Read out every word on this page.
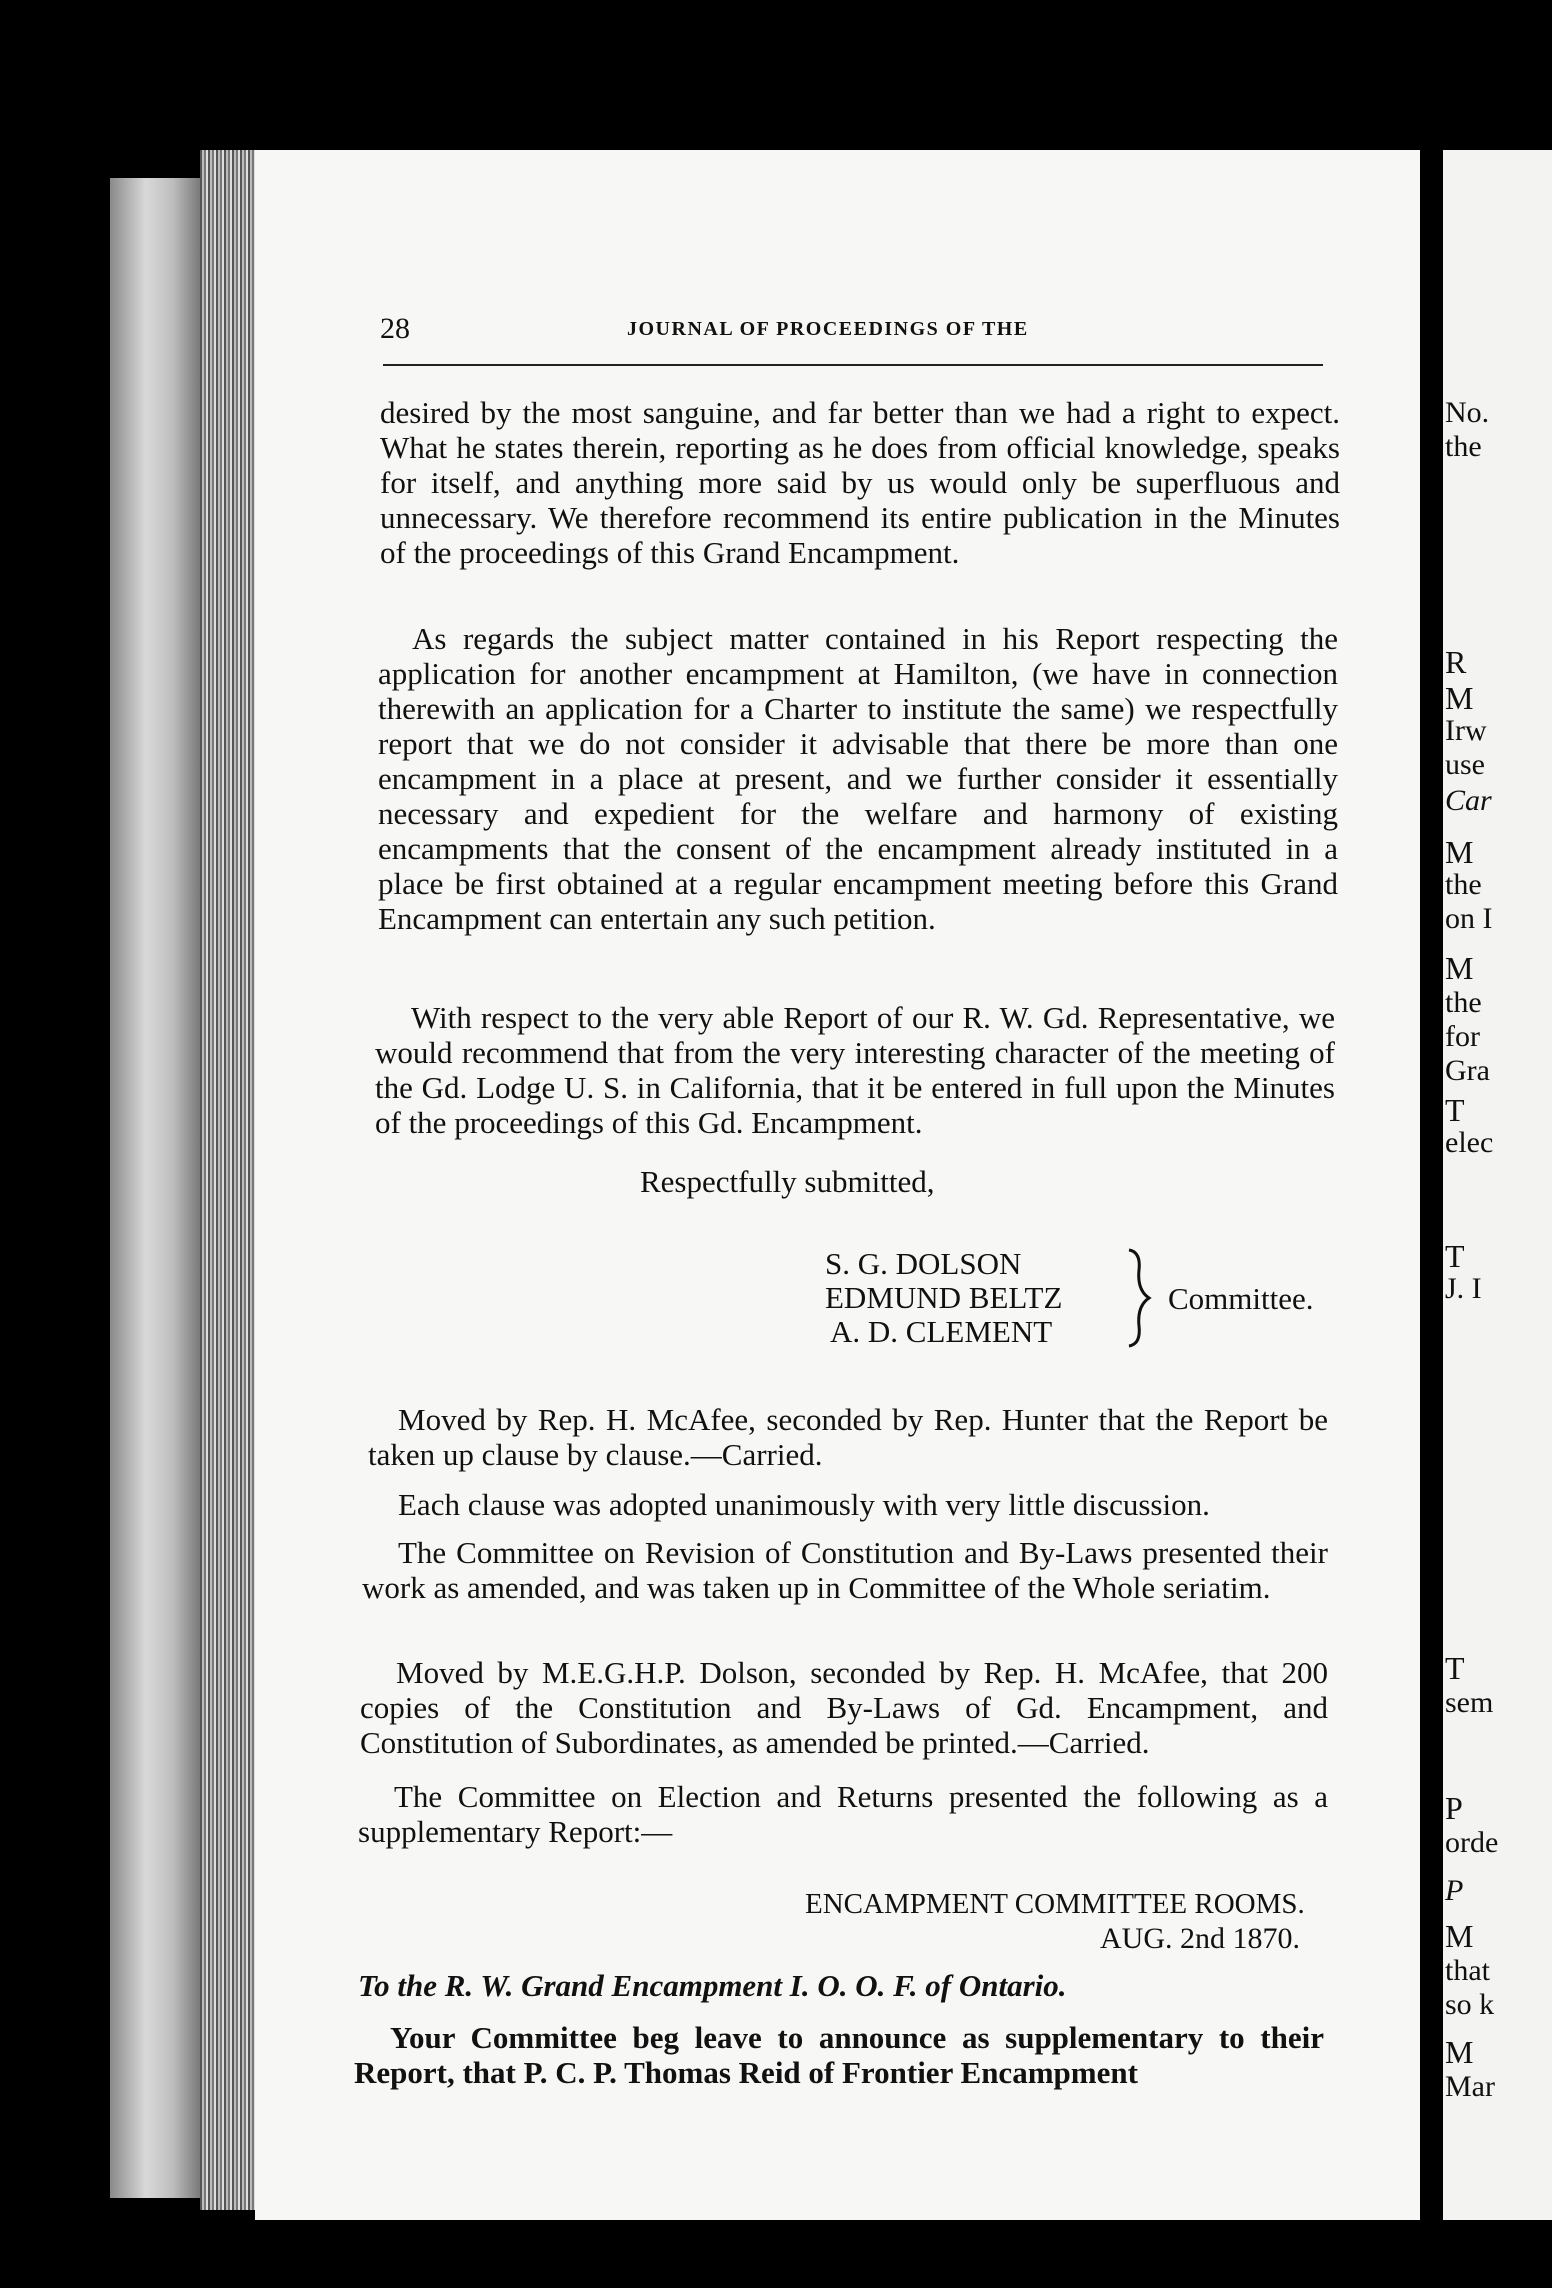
28	JOURNAL OF PROCEEDINGS OF THE
desired by the most sanguine, and far better than we had a right to expect. What he states therein, reporting as he does from official knowledge, speaks for itself, and anything more said by us would only be superfluous and unnecessary. We therefore recommend its entire publication in the Minutes of the proceedings of this Grand Encampment.
As regards the subject matter contained in his Report respecting the application for another encampment at Hamilton, (we have in connection therewith an application for a Charter to institute the same) we respectfully report that we do not consider it advisable that there be more than one encampment in a place at present, and we further consider it essentially necessary and expedient for the welfare and harmony of existing encampments that the consent of the encampment already instituted in a place be first obtained at a regular encampment meeting before this Grand Encampment can entertain any such petition.
With respect to the very able Report of our R. W. Gd. Representative, we would recommend that from the very interesting character of the meeting of the Gd. Lodge U. S. in California, that it be entered in full upon the Minutes of the proceedings of this Gd. Encampment.
Respectfully submitted,
S. G. DOLSON
EDMUND BELTZ
A. D. CLEMENT
Committee.
Moved by Rep. H. McAfee, seconded by Rep. Hunter that the Report be taken up clause by clause.—Carried.
Each clause was adopted unanimously with very little discussion.
The Committee on Revision of Constitution and By-Laws presented their work as amended, and was taken up in Committee of the Whole seriatim.
Moved by M.E.G.H.P. Dolson, seconded by Rep. H. McAfee, that 200 copies of the Constitution and By-Laws of Gd. Encampment, and Constitution of Subordinates, as amended be printed.—Carried.
The Committee on Election and Returns presented the following as a supplementary Report:—
ENCAMPMENT COMMITTEE ROOMS.
AUG. 2nd 1870.
To the R. W. Grand Encampment I. O. O. F. of Ontario.
Your Committee beg leave to announce as supplementary to their Report, that P. C. P. Thomas Reid of Frontier Encampment
No.
the
R
M
Irw
use
Car
M
the
on I
M
the
for
Gra
T
elec
T
J. I
T
sem
P
orde
P
M
that
so k
M
Mar
